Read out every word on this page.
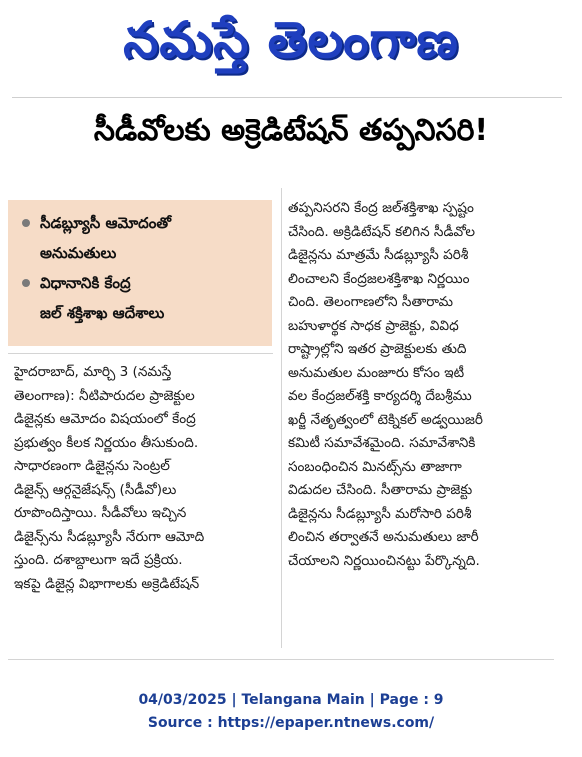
నమస్తే తెలంగాణ
సీడీవోలకు అక్రెడిటేషన్ తప్పనిసరి!
సీడబ్ల్యూసీ ఆమోదంతో
అనుమతులు
విధానానికి కేంద్ర
జల్ శక్తిశాఖ ఆదేశాలు

హైదరాబాద్, మార్చి 3 (నమస్తే

తెలంగాణ): నీటిపారుదల ప్రాజెక్టుల

డిజైన్లకు ఆమోదం విషయంలో కేంద్ర

ప్రభుత్వం కీలక నిర్ణయం తీసుకుంది.

సాధారణంగా డిజైన్లను సెంట్రల్

డిజైన్స్ ఆర్గనైజేషన్స్ (సీడీవో)లు

రూపొందిస్తాయి. సీడీవోలు ఇచ్చిన

డిజైన్స్‌ను సీడబ్ల్యూసీ నేరుగా ఆమోది

స్తుంది. దశాబ్దాలుగా ఇదే ప్రక్రియ.

ఇకపై డిజైన్ల విభాగాలకు అక్రెడిటేషన్

తప్పనిసరని కేంద్ర జల్‌శక్తిశాఖ స్పష్టం

చేసింది. అక్రిడిటేషన్ కలిగిన సీడీవోల

డిజైన్లను మాత్రమే సీడబ్ల్యూసీ పరిశీ

లించాలని కేంద్రజలశక్తిశాఖ నిర్ణయిం

చింది. తెలంగాణలోని సీతారామ

బహుళార్థక సాధక ప్రాజెక్టు, వివిధ

రాష్ట్రాల్లోని ఇతర ప్రాజెక్టులకు తుది

అనుమతుల మంజూరు కోసం ఇటీ

వల కేంద్రజల్‌శక్తి కార్యదర్శి దేబశ్రీము

ఖర్జీ నేతృత్వంలో టెక్నికల్ అడ్వయిజరీ

కమిటీ సమావేశమైంది. సమావేశానికి

సంబంధించిన మినట్స్‌ను తాజాగా

విడుదల చేసింది. సీతారామ ప్రాజెక్టు

డిజైన్లను సీడబ్ల్యూసీ మరోసారి పరిశీ

లించిన తర్వాతనే అనుమతులు జారీ

చేయాలని నిర్ణయించినట్టు పేర్కొన్నది.

04/03/2025 | Telangana Main | Page : 9
Source : https://epaper.ntnews.com/
